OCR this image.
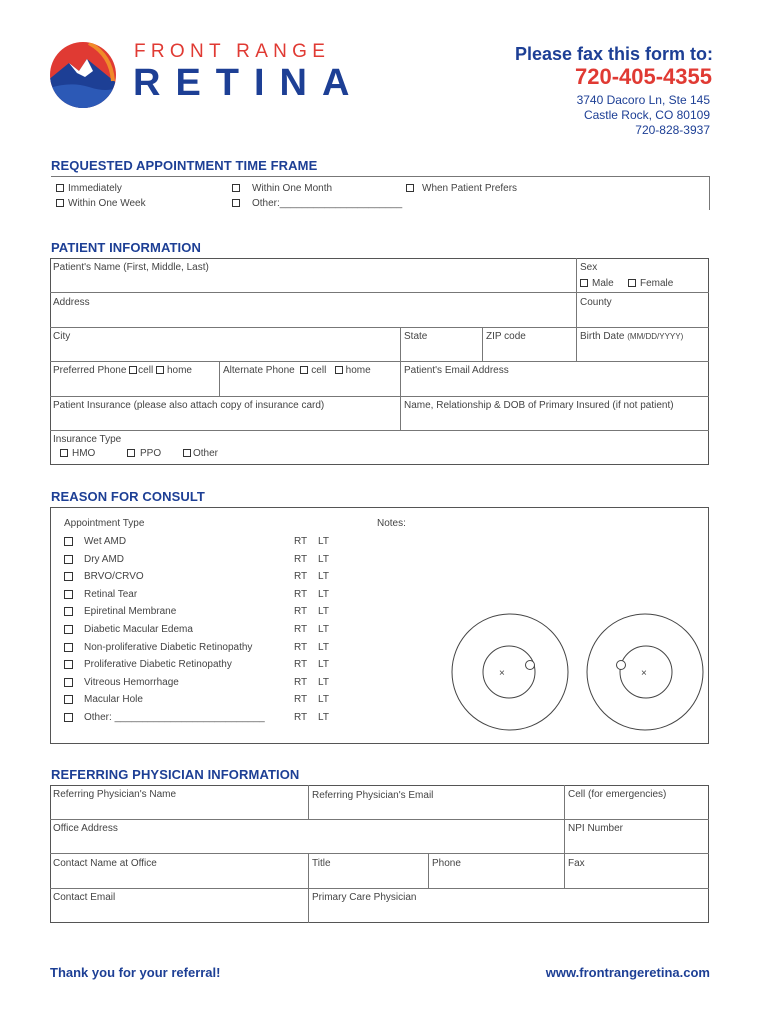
FRONT RANGE
RETINA
Please fax this form to:
720-405-4355
3740 Dacoro Ln, Ste 145
Castle Rock, CO 80109
720-828-3937
REQUESTED APPOINTMENT TIME FRAME
Immediately
Within One Week
Within One Month
Other:______________________
When Patient Prefers
PATIENT INFORMATION
Patient's Name (First, Middle, Last)	Sex
Male	Female
Address	County
City	State	ZIP code	Birth Date (MM/DD/YYYY)
Preferred Phone cell home	Alternate Phone cell home	Patient's Email Address
Patient Insurance (please also attach copy of insurance card)	Name, Relationship & DOB of Primary Insured (if not patient)
Insurance Type
HMO	PPO	Other
REASON FOR CONSULT
Appointment Type	Notes:
Wet AMD	RT LT
Dry AMD	RT LT
BRVO/CRVO	RT LT
Retinal Tear	RT LT
Epiretinal Membrane	RT LT
Diabetic Macular Edema	RT LT
Non-proliferative Diabetic Retinopathy	RT LT
Proliferative Diabetic Retinopathy	RT LT
Vitreous Hemorrhage	RT LT
Macular Hole	RT LT
Other: ___________________________	RT LT
×	×
REFERRING PHYSICIAN INFORMATION
Referring Physician's Name	Referring Physician's Email	Cell (for emergencies)
Office Address	NPI Number
Contact Name at Office	Title	Phone	Fax
Contact Email	Primary Care Physician
Thank you for your referral!	www.frontrangeretina.com
